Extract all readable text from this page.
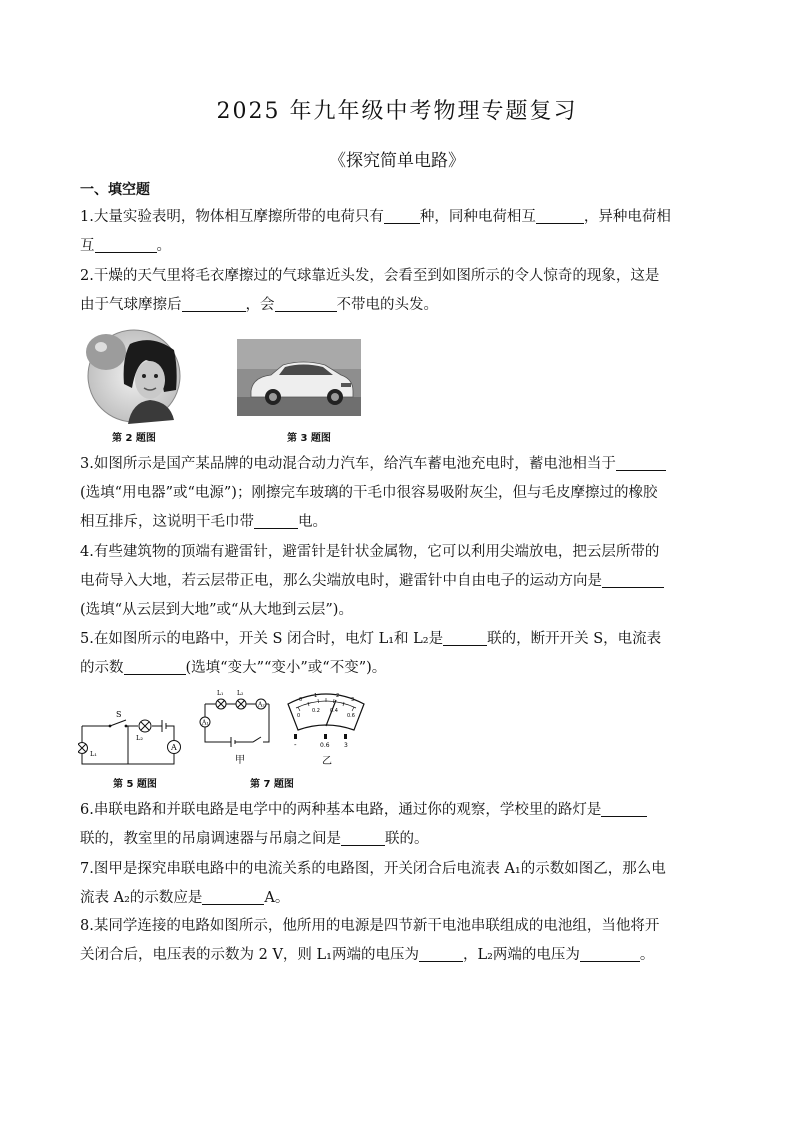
2025 年九年级中考物理专题复习
《探究简单电路》
一、填空题

1.大量实验表明，物体相互摩擦所带的电荷只有 种，同种电荷相互	，异种电荷相
互	。

2.干燥的天气里将毛衣摩擦过的气球靠近头发，会看至到如图所示的令人惊奇的现象，这是
由于气球摩擦后	，会	不带电的头发。

第 2 题图	第 3 题图

3.如图所示是国产某品牌的电动混合动力汽车，给汽车蓄电池充电时，蓄电池相当于
(选填“用电器”或“电源”)；刚擦完车玻璃的干毛巾很容易吸附灰尘，但与毛皮摩擦过的橡胶
相互排斥，这说明干毛巾带	电。

4.有些建筑物的顶端有避雷针，避雷针是针状金属物，它可以利用尖端放电，把云层所带的
电荷导入大地，若云层带正电，那么尖端放电时，避雷针中自由电子的运动方向是
(选填“从云层到大地”或“从大地到云层”)。

5.在如图所示的电路中，开关 S 闭合时，电灯 L₁和 L₂是	联的，断开开关 S，电流表
的示数	(选填“变大”“变小”或“不变”)。

A
S
L₂
L₁
第 5 题图
A₁
A₂
L₁ L₂
甲
0
0.2 0.4
0.6
0
1	2
3
-	0.6 3
乙
第 7 题图

6.串联电路和并联电路是电学中的两种基本电路，通过你的观察，学校里的路灯是
联的，教室里的吊扇调速器与吊扇之间是	联的。

7.图甲是探究串联电路中的电流关系的电路图，开关闭合后电流表 A₁的示数如图乙，那么电
流表 A₂的示数应是	A。

8.某同学连接的电路如图所示，他所用的电源是四节新干电池串联组成的电池组，当他将开
关闭合后，电压表的示数为 2 V，则 L₁两端的电压为	，L₂两端的电压为	。
